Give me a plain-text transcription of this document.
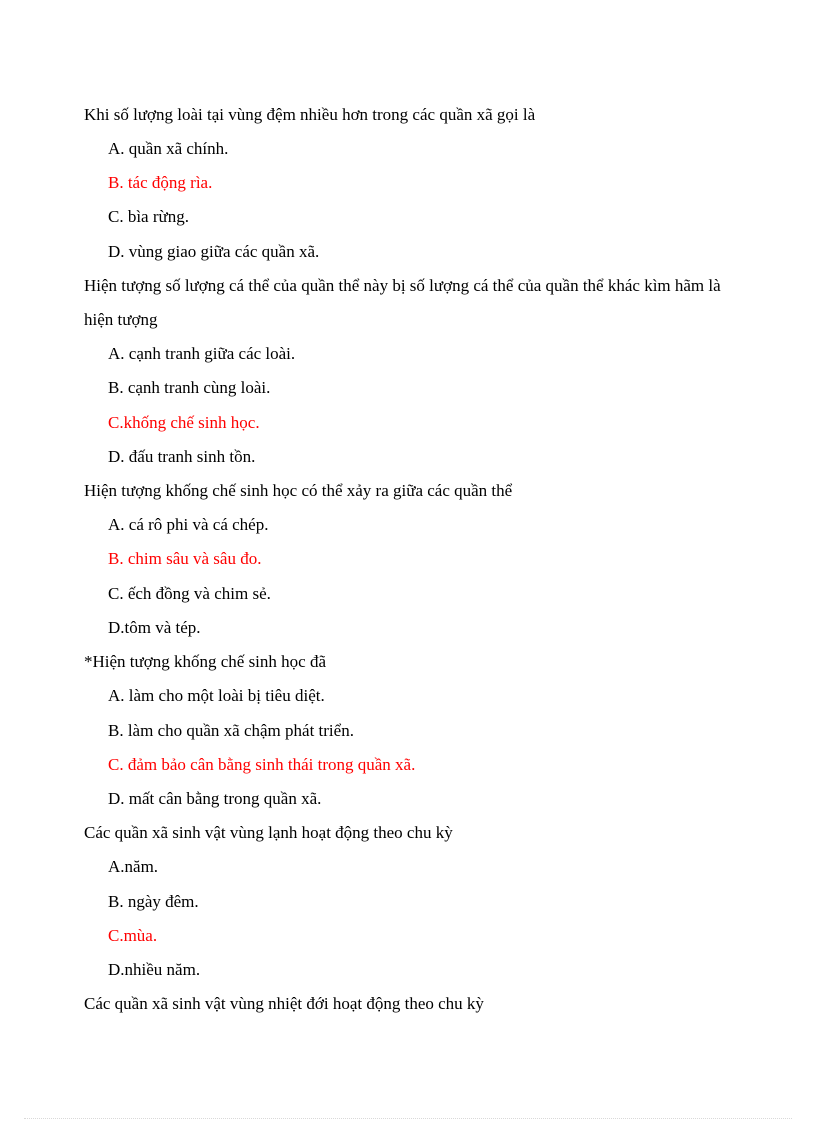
Khi số lượng loài tại vùng đệm nhiều hơn trong các quần xã gọi là
A. quần xã chính.
B. tác động rìa.
C. bìa rừng.
D. vùng giao giữa các quần xã.
Hiện tượng số lượng cá thể của quần thể này bị số lượng cá thể của quần thể khác kìm hãm là
hiện tượng
A. cạnh tranh giữa các loài.
B. cạnh tranh cùng loài.
C.khống chế sinh học.
D. đấu tranh sinh tồn.
Hiện tượng khống chế sinh học có thể xảy ra giữa các quần thể
A. cá rô phi và cá chép.
B. chim sâu và sâu đo.
C. ếch đồng và chim sẻ.
D.tôm và tép.
*Hiện tượng khống chế sinh học đã
A. làm cho một loài bị tiêu diệt.
B. làm cho quần xã chậm phát triển.
C. đảm bảo cân bằng sinh thái trong quần xã.
D. mất cân bằng trong quần xã.
Các quần xã sinh vật vùng lạnh hoạt động theo chu kỳ
A.năm.
B. ngày đêm.
C.mùa.
D.nhiều năm.
Các quần xã sinh vật vùng nhiệt đới hoạt động theo chu kỳ
